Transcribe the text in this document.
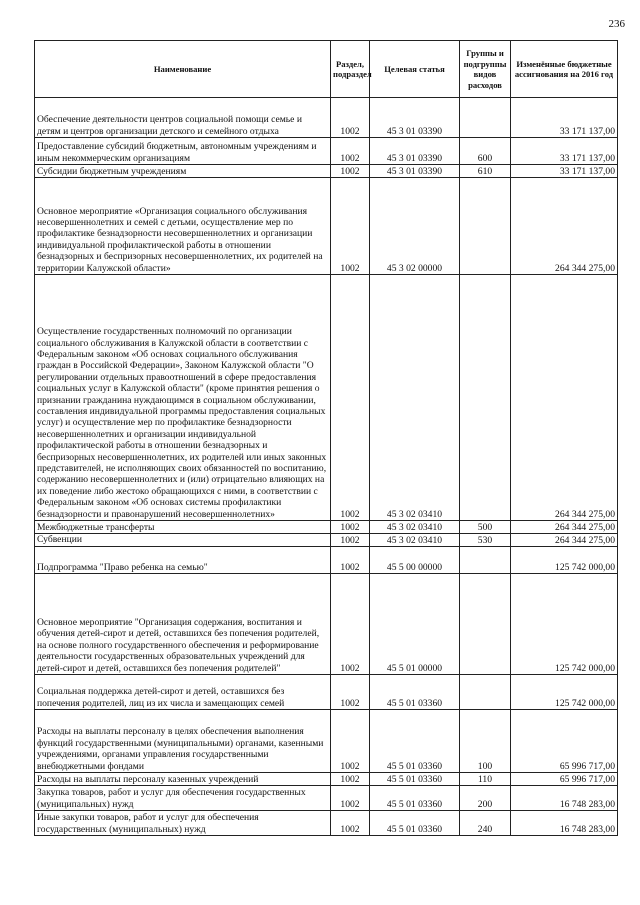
236
Наименование	Раздел, подраздел	Целевая статья	Группы и подгруппы видов расходов	Изменённые бюджетные ассигнования на 2016 год
Обеспечение деятельности центров социальной помощи семье и детям и центров организации детского и семейного отдыха	1002	45 3 01 03390		33 171 137,00
Предоставление субсидий бюджетным, автономным учреждениям и иным некоммерческим организациям	1002	45 3 01 03390	600	33 171 137,00
Субсидии бюджетным учреждениям	1002	45 3 01 03390	610	33 171 137,00
Основное мероприятие «Организация социального обслуживания несовершеннолетних и семей с детьми, осуществление мер по профилактике безнадзорности несовершеннолетних и организации индивидуальной профилактической работы в отношении безнадзорных и беспризорных несовершеннолетних, их родителей на территории Калужской области»	1002	45 3 02 00000		264 344 275,00
Осуществление государственных полномочий по организации социального обслуживания в Калужской области в соответствии с Федеральным законом «Об основах социального обслуживания граждан в Российской Федерации», Законом Калужской области "О регулировании отдельных правоотношений в сфере предоставления социальных услуг в Калужской области" (кроме принятия решения о признании гражданина нуждающимся в социальном обслуживании, составления индивидуальной программы предоставления социальных услуг) и осуществление мер по профилактике безнадзорности несовершеннолетних и организации индивидуальной профилактической работы в отношении безнадзорных и беспризорных несовершеннолетних, их родителей или иных законных представителей, не исполняющих своих обязанностей по воспитанию, содержанию несовершеннолетних и (или) отрицательно влияющих на их поведение либо жестоко обращающихся с ними, в соответствии с Федеральным законом «Об основах системы профилактики безнадзорности и правонарушений несовершеннолетних»	1002	45 3 02 03410		264 344 275,00
Межбюджетные трансферты	1002	45 3 02 03410	500	264 344 275,00
Субвенции	1002	45 3 02 03410	530	264 344 275,00
Подпрограмма "Право ребенка на семью"	1002	45 5 00 00000		125 742 000,00
Основное мероприятие "Организация содержания, воспитания и обучения детей-сирот и детей, оставшихся без попечения родителей, на основе полного государственного обеспечения и реформирование деятельности государственных образовательных учреждений для детей-сирот и детей, оставшихся без попечения родителей"	1002	45 5 01 00000		125 742 000,00
Социальная поддержка детей-сирот и детей, оставшихся без попечения родителей, лиц из их числа и замещающих семей	1002	45 5 01 03360		125 742 000,00
Расходы на выплаты персоналу в целях обеспечения выполнения функций государственными (муниципальными) органами, казенными учреждениями, органами управления государственными внебюджетными фондами	1002	45 5 01 03360	100	65 996 717,00
Расходы на выплаты персоналу казенных учреждений	1002	45 5 01 03360	110	65 996 717,00
Закупка товаров, работ и услуг для обеспечения государственных (муниципальных) нужд	1002	45 5 01 03360	200	16 748 283,00
Иные закупки товаров, работ и услуг для обеспечения государственных (муниципальных) нужд	1002	45 5 01 03360	240	16 748 283,00
